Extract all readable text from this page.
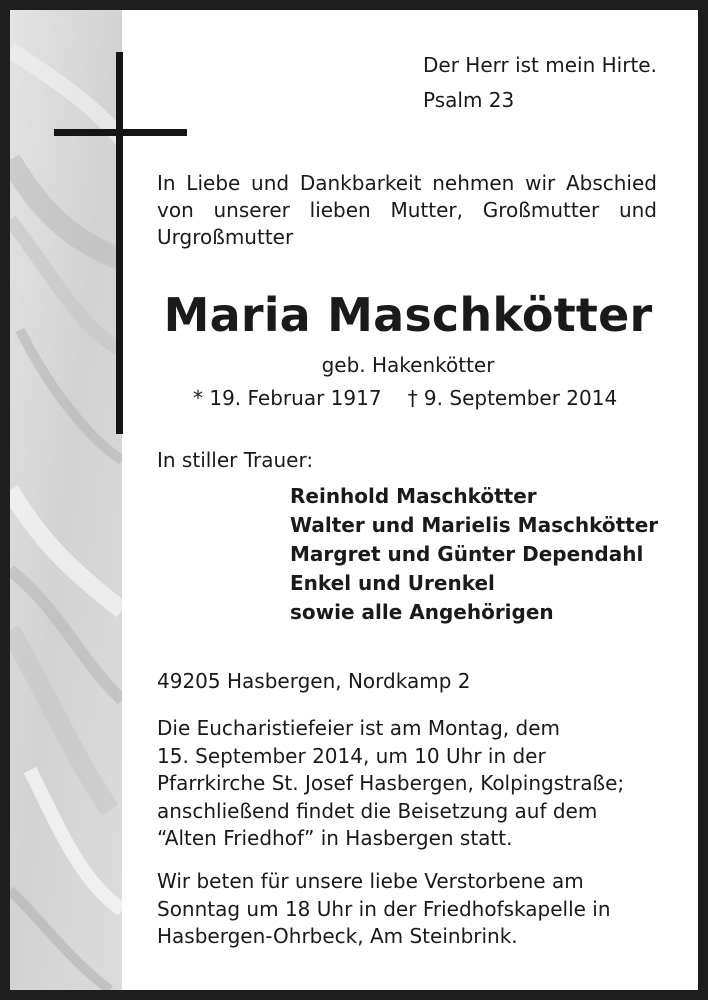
Der Herr ist mein Hirte.
Psalm 23
In Liebe und Dankbarkeit nehmen wir Abschied
von unserer lieben Mutter, Großmutter und
Urgroßmutter
Maria Maschkötter
geb. Hakenkötter
* 19. Februar 1917 † 9. September 2014
In stiller Trauer:
Reinhold Maschkötter
Walter und Marielis Maschkötter
Margret und Günter Dependahl
Enkel und Urenkel
sowie alle Angehörigen
49205 Hasbergen, Nordkamp 2
Die Eucharistiefeier ist am Montag, dem
15. September 2014, um 10 Uhr in der
Pfarrkirche St. Josef Hasbergen, Kolpingstraße;
anschließend findet die Beisetzung auf dem
“Alten Friedhof” in Hasbergen statt.
Wir beten für unsere liebe Verstorbene am
Sonntag um 18 Uhr in der Friedhofskapelle in
Hasbergen-Ohrbeck, Am Steinbrink.
